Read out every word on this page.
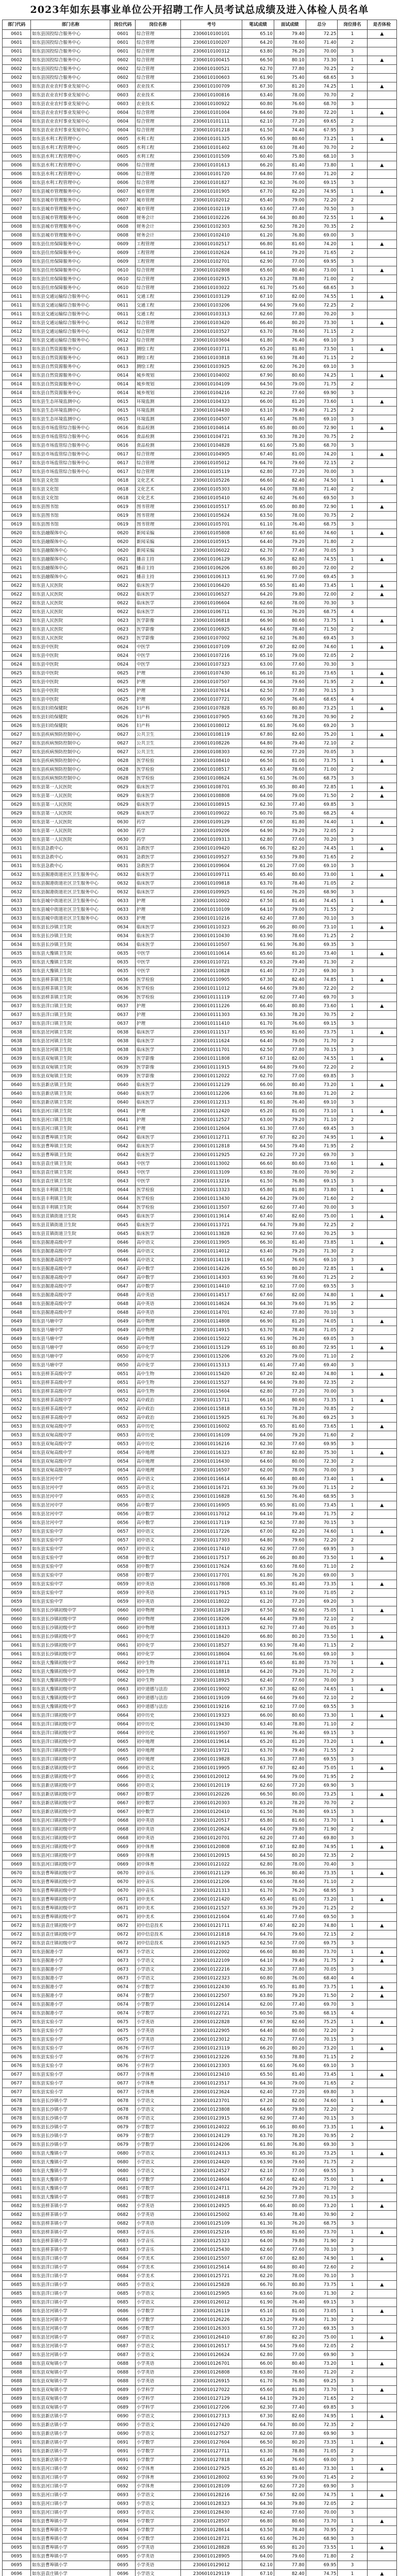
2023年如东县事业单位公开招聘工作人员考试总成绩及进入体检人员名单
部门代码	部门名称	岗位代码	岗位名称	考号	笔试成绩	面试成绩	总分	岗位排名	是否体检
0601	如东县国投综合服务中心	0601	综合管理	2306010100101	65.10	79.40	72.25	1	▲
0601	如东县国投综合服务中心	0601	综合管理	2306010100207	64.20	78.60	71.40	2	
0601	如东县国投综合服务中心	0601	综合管理	2306010100312	63.80	76.20	70.00	3	
0602	如东县国投综合服务中心	0602	综合管理	2306010100415	66.50	80.10	73.30	1	▲
0602	如东县国投综合服务中心	0602	综合管理	2306010100521	62.70	77.80	70.25	2	
0602	如东县国投综合服务中心	0602	综合管理	2306010100603	61.90	75.40	68.65	3	
0603	如东县农业农村事业发展中心	0603	农业技术	2306010100709	67.30	81.20	74.25	1	▲
0603	如东县农业农村事业发展中心	0603	农业技术	2306010100816	63.40	78.00	70.70	2	
0603	如东县农业农村事业发展中心	0603	农业技术	2306010100922	60.80	76.60	68.70	3	
0604	如东县农业农村事业发展中心	0604	综合管理	2306010101004	64.60	79.80	72.20	1	▲
0604	如东县农业农村事业发展中心	0604	综合管理	2306010101111	62.10	77.20	69.65	2	
0604	如东县农业农村事业发展中心	0604	综合管理	2306010101218	61.50	74.40	67.95	3	
0605	如东县水利工程管理中心	0605	水利工程	2306010101325	65.90	80.60	73.25	1	▲
0605	如东县水利工程管理中心	0605	水利工程	2306010101402	63.00	78.40	70.70	2	
0605	如东县水利工程管理中心	0605	水利工程	2306010101509	60.40	75.80	68.10	3	
0606	如东县水利工程管理中心	0606	综合管理	2306010101613	66.20	81.40	73.80	1	▲
0606	如东县水利工程管理中心	0606	综合管理	2306010101720	64.80	77.60	71.20	2	
0606	如东县水利工程管理中心	0606	综合管理	2306010101827	62.30	76.00	69.15	3	
0607	如东县城市管理服务中心	0607	城市管理	2306010101905	67.70	82.20	74.95	1	▲
0607	如东县城市管理服务中心	0607	城市管理	2306010102012	65.40	79.00	72.20	2	
0607	如东县城市管理服务中心	0607	城市管理	2306010102119	63.60	77.40	70.50	3	
0608	如东县城市管理服务中心	0608	财务会计	2306010102226	64.30	80.80	72.55	1	▲
0608	如东县城市管理服务中心	0608	财务会计	2306010102303	62.50	78.20	70.35	2	
0608	如东县城市管理服务中心	0608	财务会计	2306010102410	61.20	76.80	69.00	3	
0609	如东县住房保障服务中心	0609	工程管理	2306010102517	66.80	81.60	74.20	1	▲
0609	如东县住房保障服务中心	0609	工程管理	2306010102624	64.10	79.20	71.65	2	
0609	如东县住房保障服务中心	0609	工程管理	2306010102701	62.90	77.00	69.95	3	
0610	如东县住房保障服务中心	0610	综合管理	2306010102808	65.60	80.40	73.00	1	▲
0610	如东县住房保障服务中心	0610	综合管理	2306010102915	63.20	78.80	71.00	2	
0610	如东县住房保障服务中心	0610	综合管理	2306010103022	61.70	75.60	68.65	3	
0611	如东县交通运输综合服务中心	0611	交通工程	2306010103129	67.10	82.00	74.55	1	▲
0611	如东县交通运输综合服务中心	0611	交通工程	2306010103206	64.90	79.60	72.25	2	
0611	如东县交通运输综合服务中心	0611	交通工程	2306010103313	62.60	77.80	70.20	3	
0612	如东县交通运输综合服务中心	0612	综合管理	2306010103420	66.40	80.20	73.30	1	▲
0612	如东县交通运输综合服务中心	0612	综合管理	2306010103527	63.70	78.60	71.15	2	
0612	如东县交通运输综合服务中心	0612	综合管理	2306010103604	61.80	76.40	69.10	3	
0613	如东县自然资源服务中心	0613	测绘工程	2306010103711	65.20	81.80	73.50	1	▲
0613	如东县自然资源服务中心	0613	测绘工程	2306010103818	63.90	78.40	71.15	2	
0613	如东县自然资源服务中心	0613	测绘工程	2306010103925	62.00	76.20	69.10	3	
0614	如东县自然资源服务中心	0614	城乡规划	2306010104002	67.90	80.60	74.25	1	▲
0614	如东县自然资源服务中心	0614	城乡规划	2306010104109	64.50	79.00	71.75	2	
0614	如东县自然资源服务中心	0614	城乡规划	2306010104216	62.20	77.60	69.90	3	
0615	如东县生态环境监测中心	0615	环境监测	2306010104323	66.00	81.20	73.60	1	▲
0615	如东县生态环境监测中心	0615	环境监测	2306010104430	63.10	79.40	71.25	2	
0615	如东县生态环境监测中心	0615	环境监测	2306010104507	61.40	76.80	69.10	3	
0616	如东县市场监管综合服务中心	0616	食品检测	2306010104614	65.80	80.00	72.90	1	▲
0616	如东县市场监管综合服务中心	0616	食品检测	2306010104721	63.30	78.20	70.75	2	
0616	如东县市场监管综合服务中心	0616	食品检测	2306010104828	61.60	75.80	68.70	3	
0617	如东县市场监管综合服务中心	0617	综合管理	2306010104905	67.40	81.00	74.20	1	▲
0617	如东县市场监管综合服务中心	0617	综合管理	2306010105012	64.70	79.60	72.15	2	
0617	如东县市场监管综合服务中心	0617	综合管理	2306010105119	62.80	77.20	70.00	3	
0618	如东县文化馆	0618	文化艺术	2306010105226	66.60	82.40	74.50	1	▲
0618	如东县文化馆	0618	文化艺术	2306010105303	64.00	78.80	71.40	2	
0618	如东县文化馆	0618	文化艺术	2306010105410	62.40	76.60	69.50	3	
0619	如东县图书馆	0619	图书管理	2306010105517	65.00	80.80	72.90	1	▲
0619	如东县图书馆	0619	图书管理	2306010105624	63.50	78.00	70.75	2	
0619	如东县图书馆	0619	图书管理	2306010105701	61.10	76.40	68.75	3	
0620	如东县融媒体中心	0620	新闻采编	2306010105808	67.60	81.60	74.60	1	▲
0620	如东县融媒体中心	0620	新闻采编	2306010105915	64.40	79.20	71.80	2	
0620	如东县融媒体中心	0620	新闻采编	2306010106022	62.70	77.40	70.05	3	
0621	如东县融媒体中心	0621	播音主持	2306010106129	66.30	82.80	74.55	1	▲
0621	如东县融媒体中心	0621	播音主持	2306010106206	63.80	80.20	72.00	2	
0621	如东县融媒体中心	0621	播音主持	2306010106313	61.90	77.00	69.45	3	
0622	如东县人民医院	0622	临床医学	2306010106420	65.50	81.40	73.45	1	▲
0622	如东县人民医院	0622	临床医学	2306010106527	64.20	79.80	72.00	2	▲
0622	如东县人民医院	0622	临床医学	2306010106604	62.60	78.00	70.30	3	
0622	如东县人民医院	0622	临床医学	2306010106711	61.30	76.20	68.75	4	
0623	如东县人民医院	0623	医学影像	2306010106818	66.90	80.60	73.75	1	▲
0623	如东县人民医院	0623	医学影像	2306010106925	64.60	78.40	71.50	2	
0623	如东县人民医院	0623	医学影像	2306010107002	62.10	76.80	69.45	3	
0624	如东县中医院	0624	中医学	2306010107109	67.20	82.00	74.60	1	▲
0624	如东县中医院	0624	中医学	2306010107216	65.10	79.00	72.05	2	
0624	如东县中医院	0624	中医学	2306010107323	63.00	77.60	70.30	3	
0625	如东县中医院	0625	护理	2306010107430	66.10	81.20	73.65	1	▲
0625	如东县中医院	0625	护理	2306010107507	64.30	79.60	71.95	2	▲
0625	如东县中医院	0625	护理	2306010107614	62.50	77.80	70.15	3	
0625	如东县中医院	0625	护理	2306010107721	60.90	76.40	68.65	4	
0626	如东县妇幼保健院	0626	妇产科	2306010107828	65.70	80.80	73.25	1	▲
0626	如东县妇幼保健院	0626	妇产科	2306010107905	63.60	78.20	70.90	2	
0626	如东县妇幼保健院	0626	妇产科	2306010108012	61.80	76.60	69.20	3	
0627	如东县疾病预防控制中心	0627	公共卫生	2306010108119	67.80	82.60	75.20	1	▲
0627	如东县疾病预防控制中心	0627	公共卫生	2306010108226	64.80	79.40	72.10	2	
0627	如东县疾病预防控制中心	0627	公共卫生	2306010108303	62.90	77.20	70.05	3	
0628	如东县疾病预防控制中心	0628	医学检验	2306010108410	66.50	81.00	73.75	1	▲
0628	如东县疾病预防控制中心	0628	医学检验	2306010108517	63.40	78.60	71.00	2	
0628	如东县疾病预防控制中心	0628	医学检验	2306010108624	61.50	76.00	68.75	3	
0629	如东县第一人民医院	0629	临床医学	2306010108701	65.30	80.40	72.85	1	▲
0629	如东县第一人民医院	0629	临床医学	2306010108808	64.00	79.00	71.50	2	▲
0629	如东县第一人民医院	0629	临床医学	2306010108915	62.30	77.40	69.85	3	
0629	如东县第一人民医院	0629	临床医学	2306010109022	60.70	75.80	68.25	4	
0630	如东县第一人民医院	0630	药学	2306010109129	67.00	81.80	74.40	1	▲
0630	如东县第一人民医院	0630	药学	2306010109206	64.90	79.20	72.05	2	
0630	如东县第一人民医院	0630	药学	2306010109313	62.80	77.60	70.20	3	
0631	如东县急救中心	0631	急救医学	2306010109420	66.70	82.20	74.45	1	▲
0631	如东县急救中心	0631	急救医学	2306010109527	63.50	79.80	71.65	2	
0631	如东县急救中心	0631	急救医学	2306010109604	61.20	77.00	69.10	3	
0632	如东县掘港街道社区卫生服务中心	0632	临床医学	2306010109711	65.40	80.60	73.00	1	▲
0632	如东县掘港街道社区卫生服务中心	0632	临床医学	2306010109818	63.70	78.40	71.05	2	
0632	如东县掘港街道社区卫生服务中心	0632	临床医学	2306010109925	61.60	76.20	68.90	3	
0633	如东县城中街道社区卫生服务中心	0633	护理	2306010110002	67.50	81.40	74.45	1	▲
0633	如东县城中街道社区卫生服务中心	0633	护理	2306010110109	64.10	79.00	71.55	2	
0633	如东县城中街道社区卫生服务中心	0633	护理	2306010110216	62.40	77.80	70.10	3	
0634	如东县长沙镇卫生院	0634	临床医学	2306010110323	66.20	80.00	73.10	1	▲
0634	如东县长沙镇卫生院	0634	临床医学	2306010110430	63.90	78.60	71.25	2	
0634	如东县长沙镇卫生院	0634	临床医学	2306010110507	61.90	76.80	69.35	3	
0635	如东县大豫镇卫生院	0635	中医学	2306010110614	65.60	81.20	73.40	1	▲
0635	如东县大豫镇卫生院	0635	中医学	2306010110721	63.20	79.40	71.30	2	
0635	如东县大豫镇卫生院	0635	中医学	2306010110828	61.40	77.20	69.30	3	
0636	如东县栟茶镇卫生院	0636	医学检验	2306010110905	67.30	82.40	74.85	1	▲
0636	如东县栟茶镇卫生院	0636	医学检验	2306010111012	64.60	79.80	72.20	2	
0636	如东县栟茶镇卫生院	0636	医学检验	2306010111119	62.00	77.40	69.70	3	
0637	如东县洋口镇卫生院	0637	护理	2306010111226	66.40	80.80	73.60	1	▲
0637	如东县洋口镇卫生院	0637	护理	2306010111303	63.30	78.20	70.75	2	
0637	如东县洋口镇卫生院	0637	护理	2306010111410	61.70	76.60	69.15	3	
0638	如东县岔河镇卫生院	0638	临床医学	2306010111517	65.90	81.60	73.75	1	▲
0638	如东县岔河镇卫生院	0638	临床医学	2306010111624	64.40	79.00	71.70	2	
0638	如东县岔河镇卫生院	0638	临床医学	2306010111701	62.50	77.80	70.15	3	
0639	如东县双甸镇卫生院	0639	医学影像	2306010111808	67.10	82.00	74.55	1	▲
0639	如东县双甸镇卫生院	0639	医学影像	2306010111915	64.80	79.60	72.20	2	
0639	如东县双甸镇卫生院	0639	医学影像	2306010112022	62.70	77.00	69.85	3	
0640	如东县新店镇卫生院	0640	临床医学	2306010112129	66.00	80.40	73.20	1	▲
0640	如东县新店镇卫生院	0640	临床医学	2306010112206	63.60	78.80	71.20	2	
0640	如东县新店镇卫生院	0640	临床医学	2306010112313	61.80	76.40	69.10	3	
0641	如东县河口镇卫生院	0641	护理	2306010112420	65.20	81.00	73.10	1	▲
0641	如东县河口镇卫生院	0641	护理	2306010112527	63.00	79.20	71.10	2	
0641	如东县河口镇卫生院	0641	护理	2306010112604	61.30	77.60	69.45	3	
0642	如东县曹埠镇卫生院	0642	临床医学	2306010112711	67.70	82.20	74.95	1	▲
0642	如东县曹埠镇卫生院	0642	临床医学	2306010112818	64.50	79.40	71.95	2	
0642	如东县曹埠镇卫生院	0642	临床医学	2306010112925	62.20	77.20	69.70	3	
0643	如东县袁庄镇卫生院	0643	中医学	2306010113002	66.60	80.60	73.60	1	▲
0643	如东县袁庄镇卫生院	0643	中医学	2306010113109	63.80	78.00	70.90	2	
0643	如东县袁庄镇卫生院	0643	中医学	2306010113216	61.50	76.80	69.15	3	
0644	如东县丰利镇卫生院	0644	医学检验	2306010113323	65.80	81.80	73.80	1	▲
0644	如东县丰利镇卫生院	0644	医学检验	2306010113430	64.20	79.00	71.60	2	
0644	如东县丰利镇卫生院	0644	医学检验	2306010113507	62.60	77.40	70.00	3	
0645	如东县苴镇街道卫生院	0645	临床医学	2306010113614	67.40	82.60	75.00	1	▲
0645	如东县苴镇街道卫生院	0645	临床医学	2306010113721	64.70	79.80	72.25	2	
0645	如东县苴镇街道卫生院	0645	临床医学	2306010113828	62.90	77.60	70.25	3	
0646	如东县掘港高级中学	0646	高中语文	2306010113905	66.30	81.40	73.85	1	▲
0646	如东县掘港高级中学	0646	高中语文	2306010114012	63.40	79.20	71.30	2	
0646	如东县掘港高级中学	0646	高中语文	2306010114119	61.60	76.60	69.10	3	
0647	如东县掘港高级中学	0647	高中数学	2306010114226	65.50	80.20	72.85	1	▲
0647	如东县掘港高级中学	0647	高中数学	2306010114303	63.90	78.60	71.25	2	
0647	如东县掘港高级中学	0647	高中数学	2306010114410	62.10	77.00	69.55	3	
0648	如东县掘港高级中学	0648	高中英语	2306010114517	67.60	82.00	74.80	1	▲
0648	如东县掘港高级中学	0648	高中英语	2306010114624	64.30	79.60	71.95	2	
0648	如东县掘港高级中学	0648	高中英语	2306010114701	62.40	77.80	70.10	3	
0649	如东县马塘中学	0649	高中物理	2306010114808	66.90	81.20	74.05	1	▲
0649	如东县马塘中学	0649	高中物理	2306010114915	63.70	78.40	71.05	2	
0649	如东县马塘中学	0649	高中物理	2306010115022	61.90	76.20	69.05	3	
0650	如东县马塘中学	0650	高中化学	2306010115129	65.10	80.80	72.95	1	▲
0650	如东县马塘中学	0650	高中化学	2306010115206	63.20	79.00	71.10	2	
0650	如东县马塘中学	0650	高中化学	2306010115313	61.40	77.40	69.40	3	
0651	如东县栟茶高级中学	0651	高中生物	2306010115420	67.20	82.40	74.80	1	▲
0651	如东县栟茶高级中学	0651	高中生物	2306010115527	64.90	79.80	72.35	2	
0651	如东县栟茶高级中学	0651	高中生物	2306010115604	62.80	77.20	70.00	3	
0652	如东县栟茶高级中学	0652	高中政治	2306010115711	66.10	80.60	73.35	1	▲
0652	如东县栟茶高级中学	0652	高中政治	2306010115818	63.50	78.20	70.85	2	
0652	如东县栟茶高级中学	0652	高中政治	2306010115925	61.70	76.80	69.25	3	
0653	如东县双甸高级中学	0653	高中历史	2306010116002	65.70	81.60	73.65	1	▲
0653	如东县双甸高级中学	0653	高中历史	2306010116109	64.00	79.20	71.60	2	
0653	如东县双甸高级中学	0653	高中历史	2306010116216	62.30	77.60	69.95	3	
0654	如东县双甸高级中学	0654	高中地理	2306010116323	67.80	82.80	75.30	1	▲
0654	如东县双甸高级中学	0654	高中地理	2306010116430	64.60	80.00	72.30	2	
0654	如东县双甸高级中学	0654	高中地理	2306010116507	62.00	78.00	70.00	3	
0655	如东县岔河中学	0655	高中语文	2306010116614	66.40	80.40	73.40	1	▲
0655	如东县岔河中学	0655	高中语文	2306010116721	63.30	79.00	71.15	2	
0655	如东县岔河中学	0655	高中语文	2306010116828	61.50	76.40	68.95	3	
0656	如东县岔河中学	0656	高中数学	2306010116905	65.90	81.00	73.45	1	▲
0656	如东县岔河中学	0656	高中数学	2306010117012	64.10	79.40	71.75	2	
0656	如东县岔河中学	0656	高中数学	2306010117119	62.50	77.80	70.15	3	
0657	如东县实验中学	0657	初中语文	2306010117226	67.00	82.20	74.60	1	▲
0657	如东县实验中学	0657	初中语文	2306010117303	64.80	79.60	72.20	2	
0657	如东县实验中学	0657	初中语文	2306010117410	62.90	77.00	69.95	3	
0658	如东县实验中学	0658	初中数学	2306010117517	66.20	80.80	73.50	1	▲
0658	如东县实验中学	0658	初中数学	2306010117624	63.60	78.60	71.10	2	
0658	如东县实验中学	0658	初中数学	2306010117701	61.80	76.20	69.00	3	
0659	如东县实验中学	0659	初中英语	2306010117808	65.30	81.40	73.35	1	▲
0659	如东县实验中学	0659	初中英语	2306010117915	63.10	79.00	71.05	2	
0659	如东县实验中学	0659	初中英语	2306010118022	61.20	77.20	69.20	3	
0660	如东县长沙镇初级中学	0660	初中物理	2306010118129	67.50	82.60	75.05	1	▲
0660	如东县长沙镇初级中学	0660	初中物理	2306010118206	64.40	79.80	72.10	2	
0660	如东县长沙镇初级中学	0660	初中物理	2306010118313	62.70	77.40	70.05	3	
0661	如东县长沙镇初级中学	0661	初中化学	2306010118420	66.80	80.20	73.50	1	▲
0661	如东县长沙镇初级中学	0661	初中化学	2306010118527	63.90	78.40	71.15	2	
0661	如东县长沙镇初级中学	0661	初中化学	2306010118604	61.60	76.60	69.10	3	
0662	如东县大豫镇初级中学	0662	初中生物	2306010118711	65.60	81.80	73.70	1	▲
0662	如东县大豫镇初级中学	0662	初中生物	2306010118818	64.20	79.20	71.70	2	
0662	如东县大豫镇初级中学	0662	初中生物	2306010118925	62.40	77.60	70.00	3	
0663	如东县大豫镇初级中学	0663	初中道德与法治	2306010119002	67.30	82.00	74.65	1	▲
0663	如东县大豫镇初级中学	0663	初中道德与法治	2306010119109	64.60	79.60	72.10	2	
0663	如东县大豫镇初级中学	0663	初中道德与法治	2306010119216	62.10	77.00	69.55	3	
0664	如东县洋口镇初级中学	0664	初中历史	2306010119323	66.00	80.60	73.30	1	▲
0664	如东县洋口镇初级中学	0664	初中历史	2306010119430	63.40	78.80	71.10	2	
0664	如东县洋口镇初级中学	0664	初中历史	2306010119507	61.90	76.40	69.15	3	
0665	如东县洋口镇初级中学	0665	初中地理	2306010119614	65.20	81.20	73.20	1	▲
0665	如东县洋口镇初级中学	0665	初中地理	2306010119721	63.70	79.40	71.55	2	
0665	如东县洋口镇初级中学	0665	初中地理	2306010119828	61.30	77.80	69.55	3	
0666	如东县新店镇初级中学	0666	初中语文	2306010119905	67.70	82.40	75.05	1	▲
0666	如东县新店镇初级中学	0666	初中语文	2306010120012	64.90	79.00	71.95	2	
0666	如东县新店镇初级中学	0666	初中语文	2306010120119	62.60	77.20	69.90	3	
0667	如东县新店镇初级中学	0667	初中数学	2306010120226	66.50	80.00	73.25	1	▲
0667	如东县新店镇初级中学	0667	初中数学	2306010120303	63.20	78.20	70.70	2	
0667	如东县新店镇初级中学	0667	初中数学	2306010120410	61.50	76.80	69.15	3	
0668	如东县河口镇初级中学	0668	初中英语	2306010120517	65.80	81.60	73.70	1	▲
0668	如东县河口镇初级中学	0668	初中英语	2306010120624	64.00	79.80	71.90	2	
0668	如东县河口镇初级中学	0668	初中英语	2306010120701	62.20	77.40	69.80	3	
0669	如东县河口镇初级中学	0669	初中体育	2306010120808	67.10	82.80	74.95	1	▲
0669	如东县河口镇初级中学	0669	初中体育	2306010120915	64.50	80.20	72.35	2	
0669	如东县河口镇初级中学	0669	初中体育	2306010121022	62.80	78.00	70.40	3	
0670	如东县曹埠镇初级中学	0670	初中音乐	2306010121129	66.30	80.40	73.35	1	▲
0670	如东县曹埠镇初级中学	0670	初中音乐	2306010121206	63.60	78.60	71.10	2	
0670	如东县曹埠镇初级中学	0670	初中音乐	2306010121313	61.70	76.20	68.95	3	
0671	如东县曹埠镇初级中学	0671	初中美术	2306010121420	65.40	81.00	73.20	1	▲
0671	如东县曹埠镇初级中学	0671	初中美术	2306010121527	63.30	79.20	71.25	2	
0671	如东县曹埠镇初级中学	0671	初中美术	2306010121604	61.40	77.60	69.50	3	
0672	如东县袁庄镇初级中学	0672	初中信息技术	2306010121711	67.40	82.20	74.80	1	▲
0672	如东县袁庄镇初级中学	0672	初中信息技术	2306010121818	64.70	79.60	72.15	2	
0672	如东县袁庄镇初级中学	0672	初中信息技术	2306010121925	62.50	77.00	69.75	3	
0673	如东县掘港小学	0673	小学语文	2306010122002	66.60	80.80	73.70	1	▲
0673	如东县掘港小学	0673	小学语文	2306010122109	64.10	79.40	71.75	2	▲
0673	如东县掘港小学	0673	小学语文	2306010122216	62.30	77.80	70.05	3	
0673	如东县掘港小学	0673	小学语文	2306010122323	60.80	76.00	68.40	4	
0674	如东县掘港小学	0674	小学数学	2306010122430	65.70	81.80	73.75	1	▲
0674	如东县掘港小学	0674	小学数学	2306010122507	63.80	79.20	71.50	2	▲
0674	如东县掘港小学	0674	小学数学	2306010122614	62.00	77.40	69.70	3	
0674	如东县掘港小学	0674	小学数学	2306010122721	60.50	75.80	68.15	4	
0675	如东县实验小学	0675	小学英语	2306010122828	67.90	82.60	75.25	1	▲
0675	如东县实验小学	0675	小学英语	2306010122905	64.40	80.00	72.20	2	
0675	如东县实验小学	0675	小学英语	2306010123012	62.70	77.60	70.15	3	
0676	如东县实验小学	0676	小学科学	2306010123119	66.20	80.20	73.20	1	▲
0676	如东县实验小学	0676	小学科学	2306010123226	63.50	78.80	71.15	2	
0676	如东县实验小学	0676	小学科学	2306010123303	61.60	76.60	69.10	3	
0677	如东县实验小学	0677	小学体育	2306010123410	65.50	81.40	73.45	1	▲
0677	如东县实验小学	0677	小学体育	2306010123517	64.30	79.00	71.65	2	
0677	如东县实验小学	0677	小学体育	2306010123624	62.40	77.20	69.80	3	
0678	如东县长沙镇小学	0678	小学语文	2306010123701	67.20	82.00	74.60	1	▲
0678	如东县长沙镇小学	0678	小学语文	2306010123808	64.60	79.80	72.20	2	
0678	如东县长沙镇小学	0678	小学语文	2306010123915	62.90	77.40	70.15	3	
0679	如东县长沙镇小学	0679	小学数学	2306010124022	66.10	80.60	73.35	1	▲
0679	如东县长沙镇小学	0679	小学数学	2306010124129	63.70	78.20	70.95	2	
0679	如东县长沙镇小学	0679	小学数学	2306010124206	61.80	76.80	69.30	3	
0680	如东县大豫镇小学	0680	小学语文	2306010124313	65.30	81.20	73.25	1	▲
0680	如东县大豫镇小学	0680	小学语文	2306010124420	63.90	79.60	71.75	2	
0680	如东县大豫镇小学	0680	小学语文	2306010124527	62.10	77.00	69.55	3	
0681	如东县大豫镇小学	0681	小学数学	2306010124604	67.60	82.40	75.00	1	▲
0681	如东县大豫镇小学	0681	小学数学	2306010124711	64.20	79.20	71.70	2	
0681	如东县大豫镇小学	0681	小学数学	2306010124818	62.50	77.80	70.15	3	
0682	如东县栟茶镇小学	0682	小学英语	2306010124925	66.40	80.00	73.20	1	▲
0682	如东县栟茶镇小学	0682	小学英语	2306010125002	63.40	78.40	70.90	2	
0682	如东县栟茶镇小学	0682	小学英语	2306010125109	61.30	76.20	68.75	3	
0683	如东县栟茶镇小学	0683	小学音乐	2306010125216	65.80	81.60	73.70	1	▲
0683	如东县栟茶镇小学	0683	小学音乐	2306010125323	64.00	79.80	71.90	2	
0683	如东县栟茶镇小学	0683	小学音乐	2306010125430	62.60	77.60	70.10	3	
0684	如东县洋口镇小学	0684	小学美术	2306010125507	67.00	82.80	74.90	1	▲
0684	如东县洋口镇小学	0684	小学美术	2306010125614	64.80	80.40	72.60	2	
0684	如东县洋口镇小学	0684	小学美术	2306010125721	62.20	78.00	70.10	3	
0685	如东县洋口镇小学	0685	小学语文	2306010125828	66.70	80.80	73.75	1	▲
0685	如东县洋口镇小学	0685	小学语文	2306010125905	63.60	79.00	71.30	2	
0685	如东县洋口镇小学	0685	小学语文	2306010126012	61.90	76.40	69.15	3	
0686	如东县岔河镇小学	0686	小学数学	2306010126119	65.10	81.00	73.05	1	▲
0686	如东县岔河镇小学	0686	小学数学	2306010126226	63.20	79.40	71.30	2	
0686	如东县岔河镇小学	0686	小学数学	2306010126303	61.50	77.20	69.35	3	
0687	如东县岔河镇小学	0687	小学语文	2306010126410	67.80	82.20	75.00	1	▲
0687	如东县岔河镇小学	0687	小学语文	2306010126517	64.50	79.60	72.05	2	
0687	如东县岔河镇小学	0687	小学语文	2306010126624	62.80	77.00	69.90	3	
0688	如东县双甸镇小学	0688	小学英语	2306010126701	66.00	80.40	73.20	1	▲
0688	如东县双甸镇小学	0688	小学英语	2306010126808	63.80	78.60	71.20	2	
0688	如东县双甸镇小学	0688	小学英语	2306010126915	61.70	76.80	69.25	3	
0689	如东县双甸镇小学	0689	小学科学	2306010127022	65.60	81.80	73.70	1	▲
0689	如东县双甸镇小学	0689	小学科学	2306010127129	64.10	79.20	71.65	2	
0689	如东县双甸镇小学	0689	小学科学	2306010127206	62.30	77.40	69.85	3	
0690	如东县新店镇小学	0690	小学语文	2306010127313	67.30	82.60	74.95	1	▲
0690	如东县新店镇小学	0690	小学语文	2306010127420	64.70	80.00	72.35	2	
0690	如东县新店镇小学	0690	小学语文	2306010127527	62.00	77.80	69.90	3	
0691	如东县新店镇小学	0691	小学数学	2306010127604	66.50	80.20	73.35	1	▲
0691	如东县新店镇小学	0691	小学数学	2306010127711	63.30	78.80	71.05	2	
0691	如东县新店镇小学	0691	小学数学	2306010127818	61.40	76.60	69.00	3	
0692	如东县河口镇小学	0692	小学体育	2306010127925	65.20	81.40	73.30	1	▲
0692	如东县河口镇小学	0692	小学体育	2306010128002	63.90	79.00	71.45	2	
0692	如东县河口镇小学	0692	小学体育	2306010128109	62.60	77.20	69.90	3	
0693	如东县河口镇小学	0693	小学语文	2306010128216	67.50	82.00	74.75	1	▲
0693	如东县河口镇小学	0693	小学语文	2306010128323	64.30	79.80	72.05	2	
0693	如东县河口镇小学	0693	小学语文	2306010128430	62.40	77.60	70.00	3	
0694	如东县曹埠镇小学	0694	小学数学	2306010128507	66.80	80.60	73.70	1	▲
0694	如东县曹埠镇小学	0694	小学数学	2306010128614	63.50	78.40	70.95	2	
0694	如东县曹埠镇小学	0694	小学数学	2306010128721	61.60	76.20	68.90	3	
0695	如东县曹埠镇小学	0695	小学英语	2306010128828	65.90	81.20	73.55	1	▲
0695	如东县曹埠镇小学	0695	小学英语	2306010128905	64.00	79.60	71.80	2	
0695	如东县曹埠镇小学	0695	小学英语	2306010129012	62.10	77.80	69.95	3	
0696	如东县袁庄镇小学	0696	小学语文	2306010129119	67.10	82.40	74.75	1	▲
